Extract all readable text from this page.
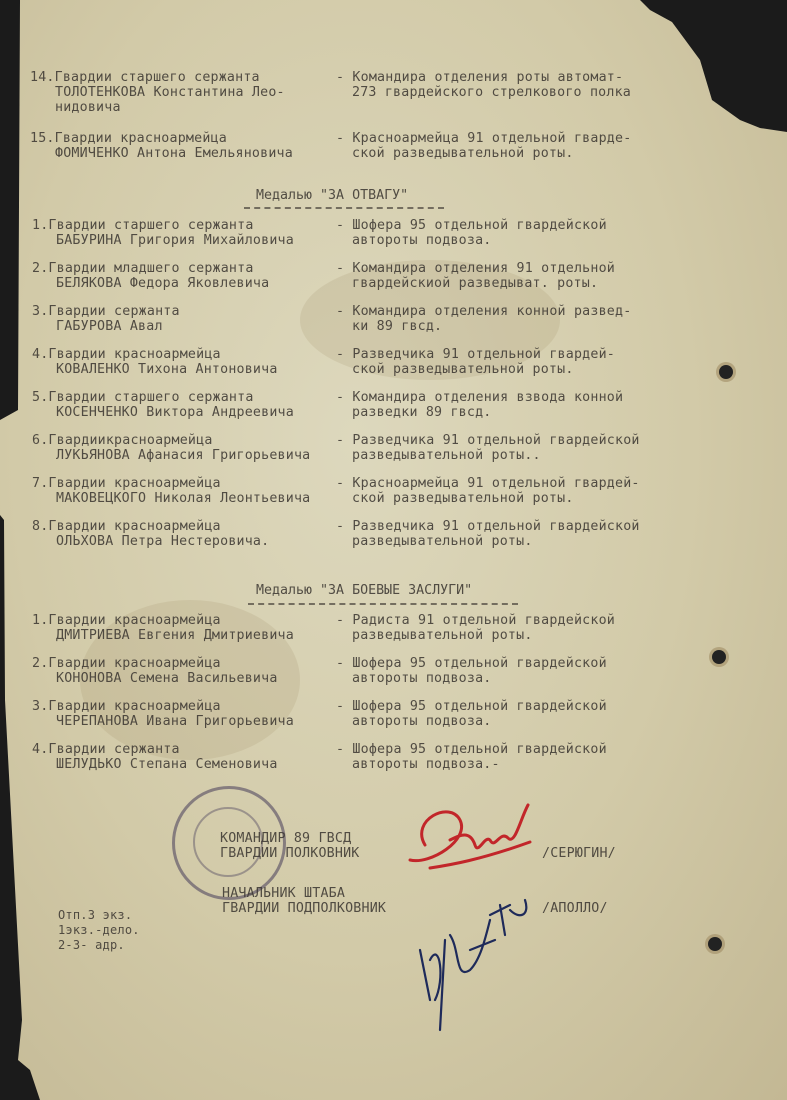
14.Гвардии старшего сержанта
ТОЛОТЕНКОВА Константина Лео-
нидовича
- Командира отделения роты автомат-
273 гвардейского стрелкового полка
15.Гвардии красноармейца
ФОМИЧЕНКО Антона Емельяновича
- Красноармейца 91 отдельной гварде-
ской разведывательной роты.
Медалью "ЗА ОТВАГУ"
1.Гвардии старшего сержанта
БАБУРИНА Григория Михайловича
- Шофера 95 отдельной гвардейской
автороты подвоза.
2.Гвардии младшего сержанта
БЕЛЯКОВА Федора Яковлевича
- Командира отделения 91 отдельной
гвардейскиой разведыват. роты.
3.Гвардии сержанта
ГАБУРОВА Авал
- Командира отделения конной развед-
ки 89 гвсд.
4.Гвардии красноармейца
КОВАЛЕНКО Тихона Антоновича
- Разведчика 91 отдельной гвардей-
ской разведывательной роты.
5.Гвардии старшего сержанта
КОСЕНЧЕНКО Виктора Андреевича
- Командира отделения взвода конной
разведки 89 гвсд.
6.Гвардиикрасноармейца
ЛУКЬЯНОВА Афанасия Григорьевича
- Разведчика 91 отдельной гвардейской
разведывательной роты..
7.Гвардии красноармейца
МАКОВЕЦКОГО Николая Леонтьевича
- Красноармейца 91 отдельной гвардей-
ской разведывательной роты.
8.Гвардии красноармейца
ОЛЬХОВА Петра Нестеровича.
- Разведчика 91 отдельной гвардейской
разведывательной роты.
Медалью "ЗА БОЕВЫЕ ЗАСЛУГИ"
1.Гвардии красноармейца
ДМИТРИЕВА Евгения Дмитриевича
- Радиста 91 отдельной гвардейской
разведывательной роты.
2.Гвардии красноармейца
КОНОНОВА Семена Васильевича
- Шофера 95 отдельной гвардейской
автороты подвоза.
3.Гвардии красноармейца
ЧЕРЕПАНОВА Ивана Григорьевича
- Шофера 95 отдельной гвардейской
автороты подвоза.
4.Гвардии сержанта
ШЕЛУДЬКО Степана Семеновича
- Шофера 95 отдельной гвардейской
автороты подвоза.-
КОМАНДИР 89 ГВСД
ГВАРДИИ ПОЛКОВНИК	/СЕРЮГИН/
НАЧАЛЬНИК ШТАБА
ГВАРДИИ ПОДПОЛКОВНИК	/АПОЛЛО/
Отп.3 экз.
1экз.-дело.
2-3- адр.
